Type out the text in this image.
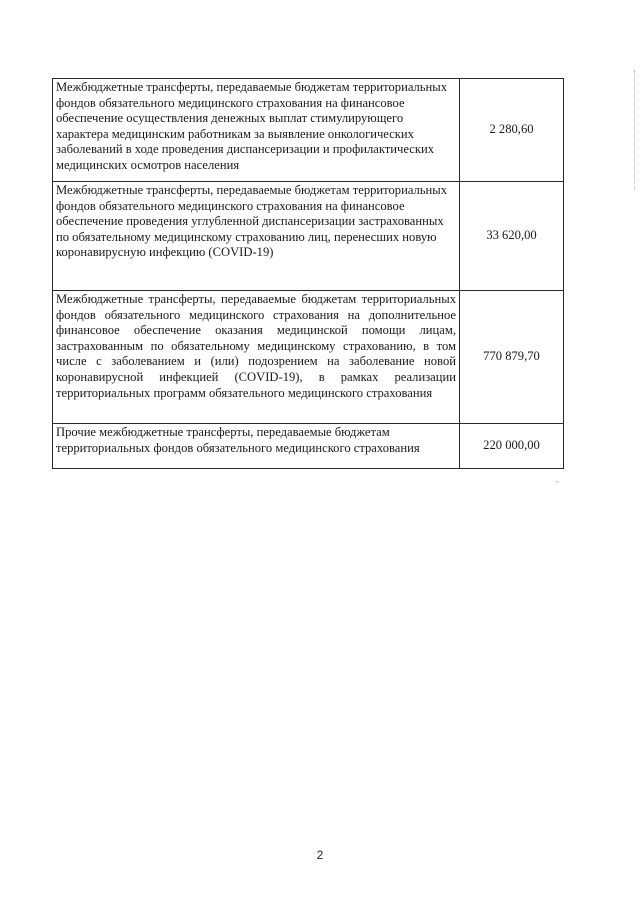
Межбюджетные трансферты, передаваемые бюджетам территориальных фондов обязательного медицинского страхования на финансовое обеспечение осуществления денежных выплат стимулирующего характера медицинским работникам за выявление онкологических заболеваний в ходе проведения диспансеризации и профилактических медицинских осмотров населения	2 280,60
Межбюджетные трансферты, передаваемые бюджетам территориальных фондов обязательного медицинского страхования на финансовое обеспечение проведения углубленной диспансеризации застрахованных по обязательному медицинскому страхованию лиц, перенесших новую коронавирусную инфекцию (COVID-19)	33 620,00
Межбюджетные трансферты, передаваемые бюджетам территориальных фондов обязательного медицинского страхования на дополнительное финансовое обеспечение оказания медицинской помощи лицам, застрахованным по обязательному медицинскому страхованию, в том числе с заболеванием и (или) подозрением на заболевание новой коронавирусной инфекцией (COVID-19), в рамках реализации территориальных программ обязательного медицинского страхования	770 879,70
Прочие межбюджетные трансферты, передаваемые бюджетам территориальных фондов обязательного медицинского страхования	220 000,00
"
2
